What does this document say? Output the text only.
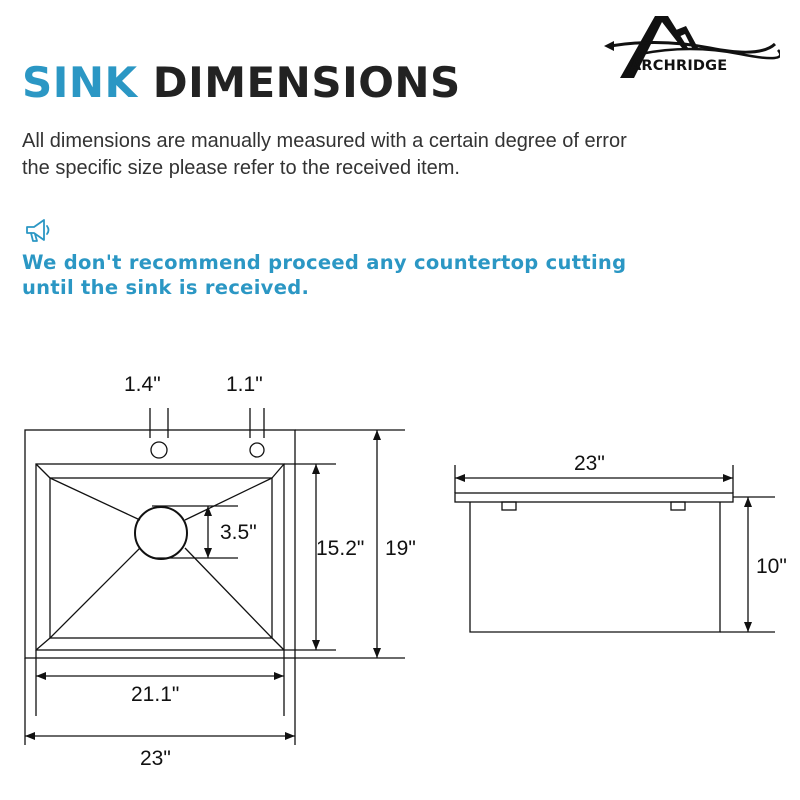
SINK DIMENSIONS
All dimensions are manually measured with a certain degree of error
the specific size please refer to the received item.
We don't recommend proceed any countertop cutting
until the sink is received.
ARCHRIDGE
1.4"	1.1"
3.5"
15.2" 19"
21.1"
23"
23"
10"
